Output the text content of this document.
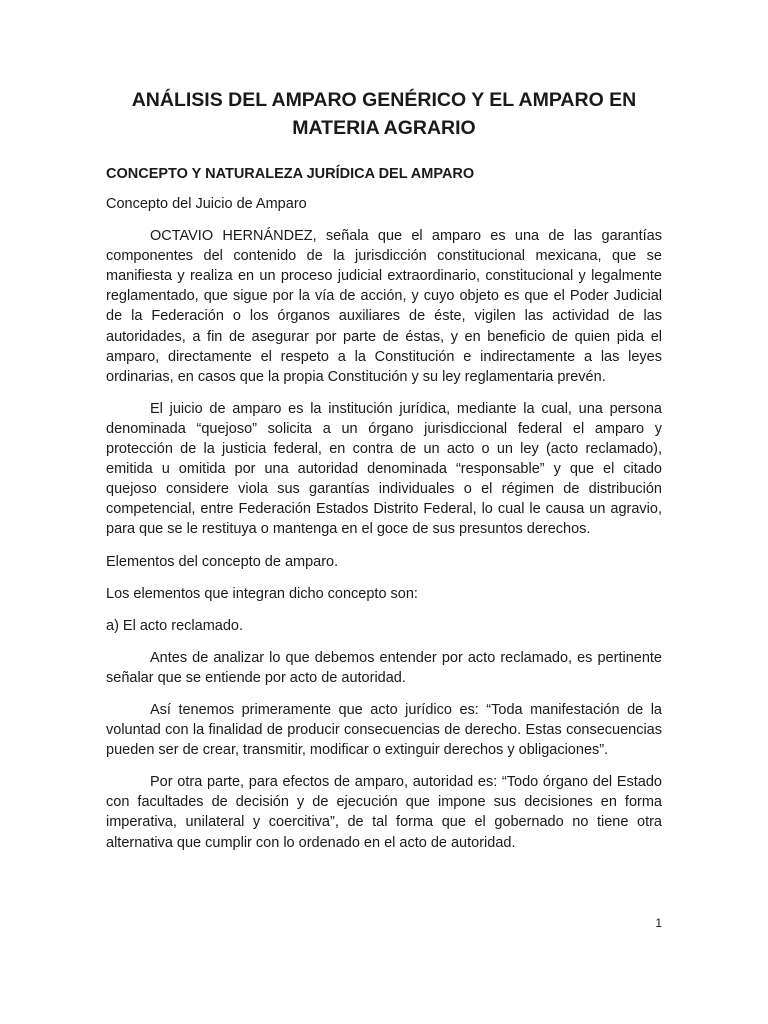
ANÁLISIS DEL AMPARO GENÉRICO Y EL AMPARO EN
MATERIA AGRARIO
CONCEPTO Y NATURALEZA JURÍDICA DEL AMPARO

Concepto del Juicio de Amparo

OCTAVIO HERNÁNDEZ, señala que el amparo es una de las garantías componentes del contenido de la jurisdicción constitucional mexicana, que se manifiesta y realiza en un proceso judicial extraordinario, constitucional y legalmente reglamentado, que sigue por la vía de acción, y cuyo objeto es que el Poder Judicial de la Federación o los órganos auxiliares de éste, vigilen las actividad de las autoridades, a fin de asegurar por parte de éstas, y en beneficio de quien pida el amparo, directamente el respeto a la Constitución e indirectamente a las leyes ordinarias, en casos que la propia Constitución y su ley reglamentaria prevén.

El juicio de amparo es la institución jurídica, mediante la cual, una persona denominada “quejoso” solicita a un órgano jurisdiccional federal el amparo y protección de la justicia federal, en contra de un acto o un ley (acto reclamado), emitida u omitida por una autoridad denominada “responsable” y que el citado quejoso considere viola sus garantías individuales o el régimen de distribución competencial, entre Federación Estados Distrito Federal, lo cual le causa un agravio, para que se le restituya o mantenga en el goce de sus presuntos derechos.

Elementos del concepto de amparo.

Los elementos que integran dicho concepto son:

a) El acto reclamado.

Antes de analizar lo que debemos entender por acto reclamado, es pertinente señalar que se entiende por acto de autoridad.

Así tenemos primeramente que acto jurídico es: “Toda manifestación de la voluntad con la finalidad de producir consecuencias de derecho. Estas consecuencias pueden ser de crear, transmitir, modificar o extinguir derechos y obligaciones”.

Por otra parte, para efectos de amparo, autoridad es: “Todo órgano del Estado con facultades de decisión y de ejecución que impone sus decisiones en forma imperativa, unilateral y coercitiva”, de tal forma que el gobernado no tiene otra alternativa que cumplir con lo ordenado en el acto de autoridad.

1
